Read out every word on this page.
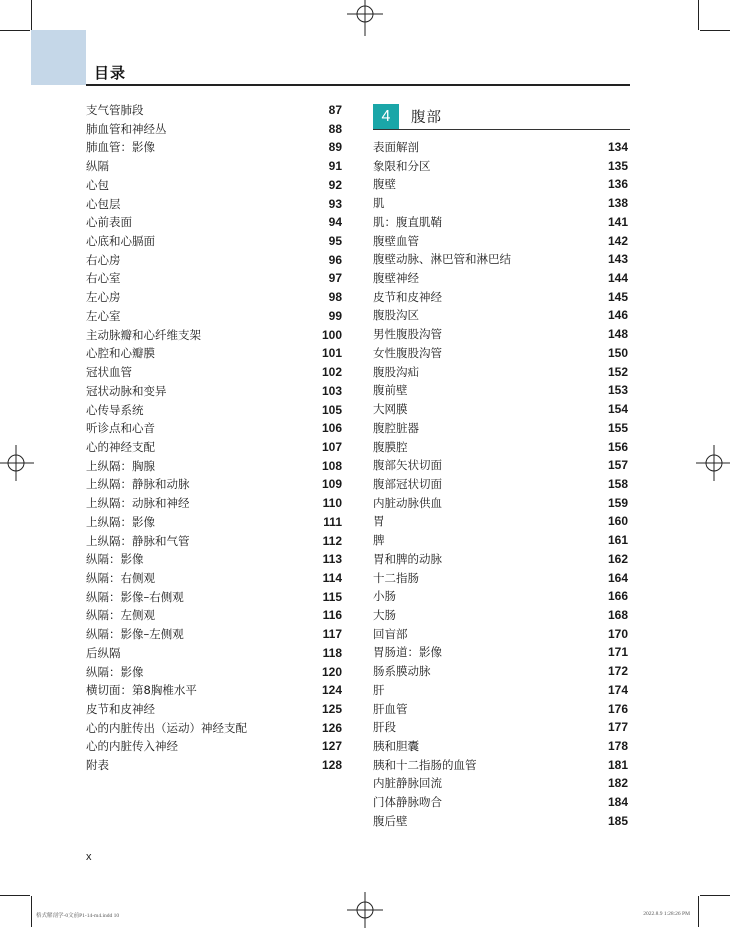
目录
支气管肺段	87
肺血管和神经丛	88
肺血管：影像	89
纵隔	91
心包	92
心包层	93
心前表面	94
心底和心膈面	95
右心房	96
右心室	97
左心房	98
左心室	99
主动脉瓣和心纤维支架	100
心腔和心瓣膜	101
冠状血管	102
冠状动脉和变异	103
心传导系统	105
听诊点和心音	106
心的神经支配	107
上纵隔：胸腺	108
上纵隔：静脉和动脉	109
上纵隔：动脉和神经	110
上纵隔：影像	111
上纵隔：静脉和气管	112
纵隔：影像	113
纵隔：右侧观	114
纵隔：影像–右侧观	115
纵隔：左侧观	116
纵隔：影像–左侧观	117
后纵隔	118
纵隔：影像	120
横切面：第8胸椎水平	124
皮节和皮神经	125
心的内脏传出（运动）神经支配	126
心的内脏传入神经	127
附表	128
4	腹部
表面解剖	134
象限和分区	135
腹壁	136
肌	138
肌：腹直肌鞘	141
腹壁血管	142
腹壁动脉、淋巴管和淋巴结	143
腹壁神经	144
皮节和皮神经	145
腹股沟区	146
男性腹股沟管	148
女性腹股沟管	150
腹股沟疝	152
腹前壁	153
大网膜	154
腹腔脏器	155
腹膜腔	156
腹部矢状切面	157
腹部冠状切面	158
内脏动脉供血	159
胃	160
脾	161
胃和脾的动脉	162
十二指肠	164
小肠	166
大肠	168
回盲部	170
胃肠道：影像	171
肠系膜动脉	172
肝	174
肝血管	176
肝段	177
胰和胆囊	178
胰和十二指肠的血管	181
内脏静脉回流	182
门体静脉吻合	184
腹后壁	185
x
格式解剖学-0文前P1-14-m4.indd 10	2022.8.9 1:28:26 PM
